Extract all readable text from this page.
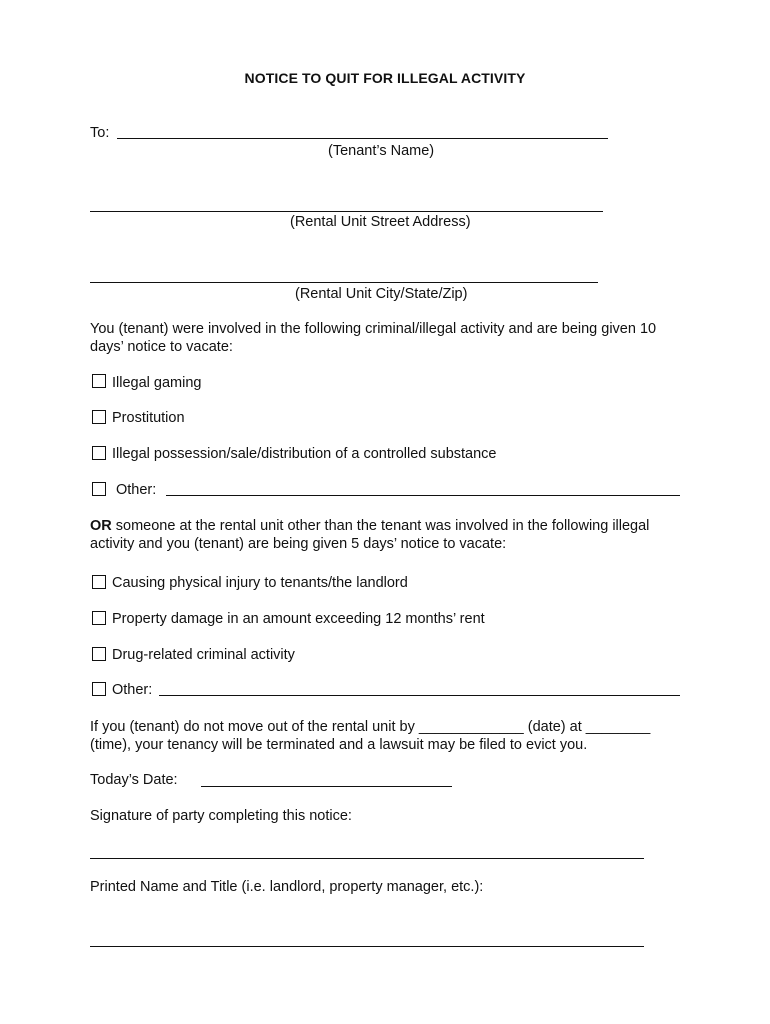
NOTICE TO QUIT FOR ILLEGAL ACTIVITY
To:
(Tenant’s Name)
(Rental Unit Street Address)
(Rental Unit City/State/Zip)
You (tenant) were involved in the following criminal/illegal activity and are being given 10 days’ notice to vacate:
Illegal gaming
Prostitution
Illegal possession/sale/distribution of a controlled substance
Other:
OR someone at the rental unit other than the tenant was involved in the following illegal activity and you (tenant) are being given 5 days’ notice to vacate:
Causing physical injury to tenants/the landlord
Property damage in an amount exceeding 12 months’ rent
Drug-related criminal activity
Other:
If you (tenant) do not move out of the rental unit by _____________ (date) at ________
(time), your tenancy will be terminated and a lawsuit may be filed to evict you.
Today’s Date:
Signature of party completing this notice:
Printed Name and Title (i.e. landlord, property manager, etc.):
